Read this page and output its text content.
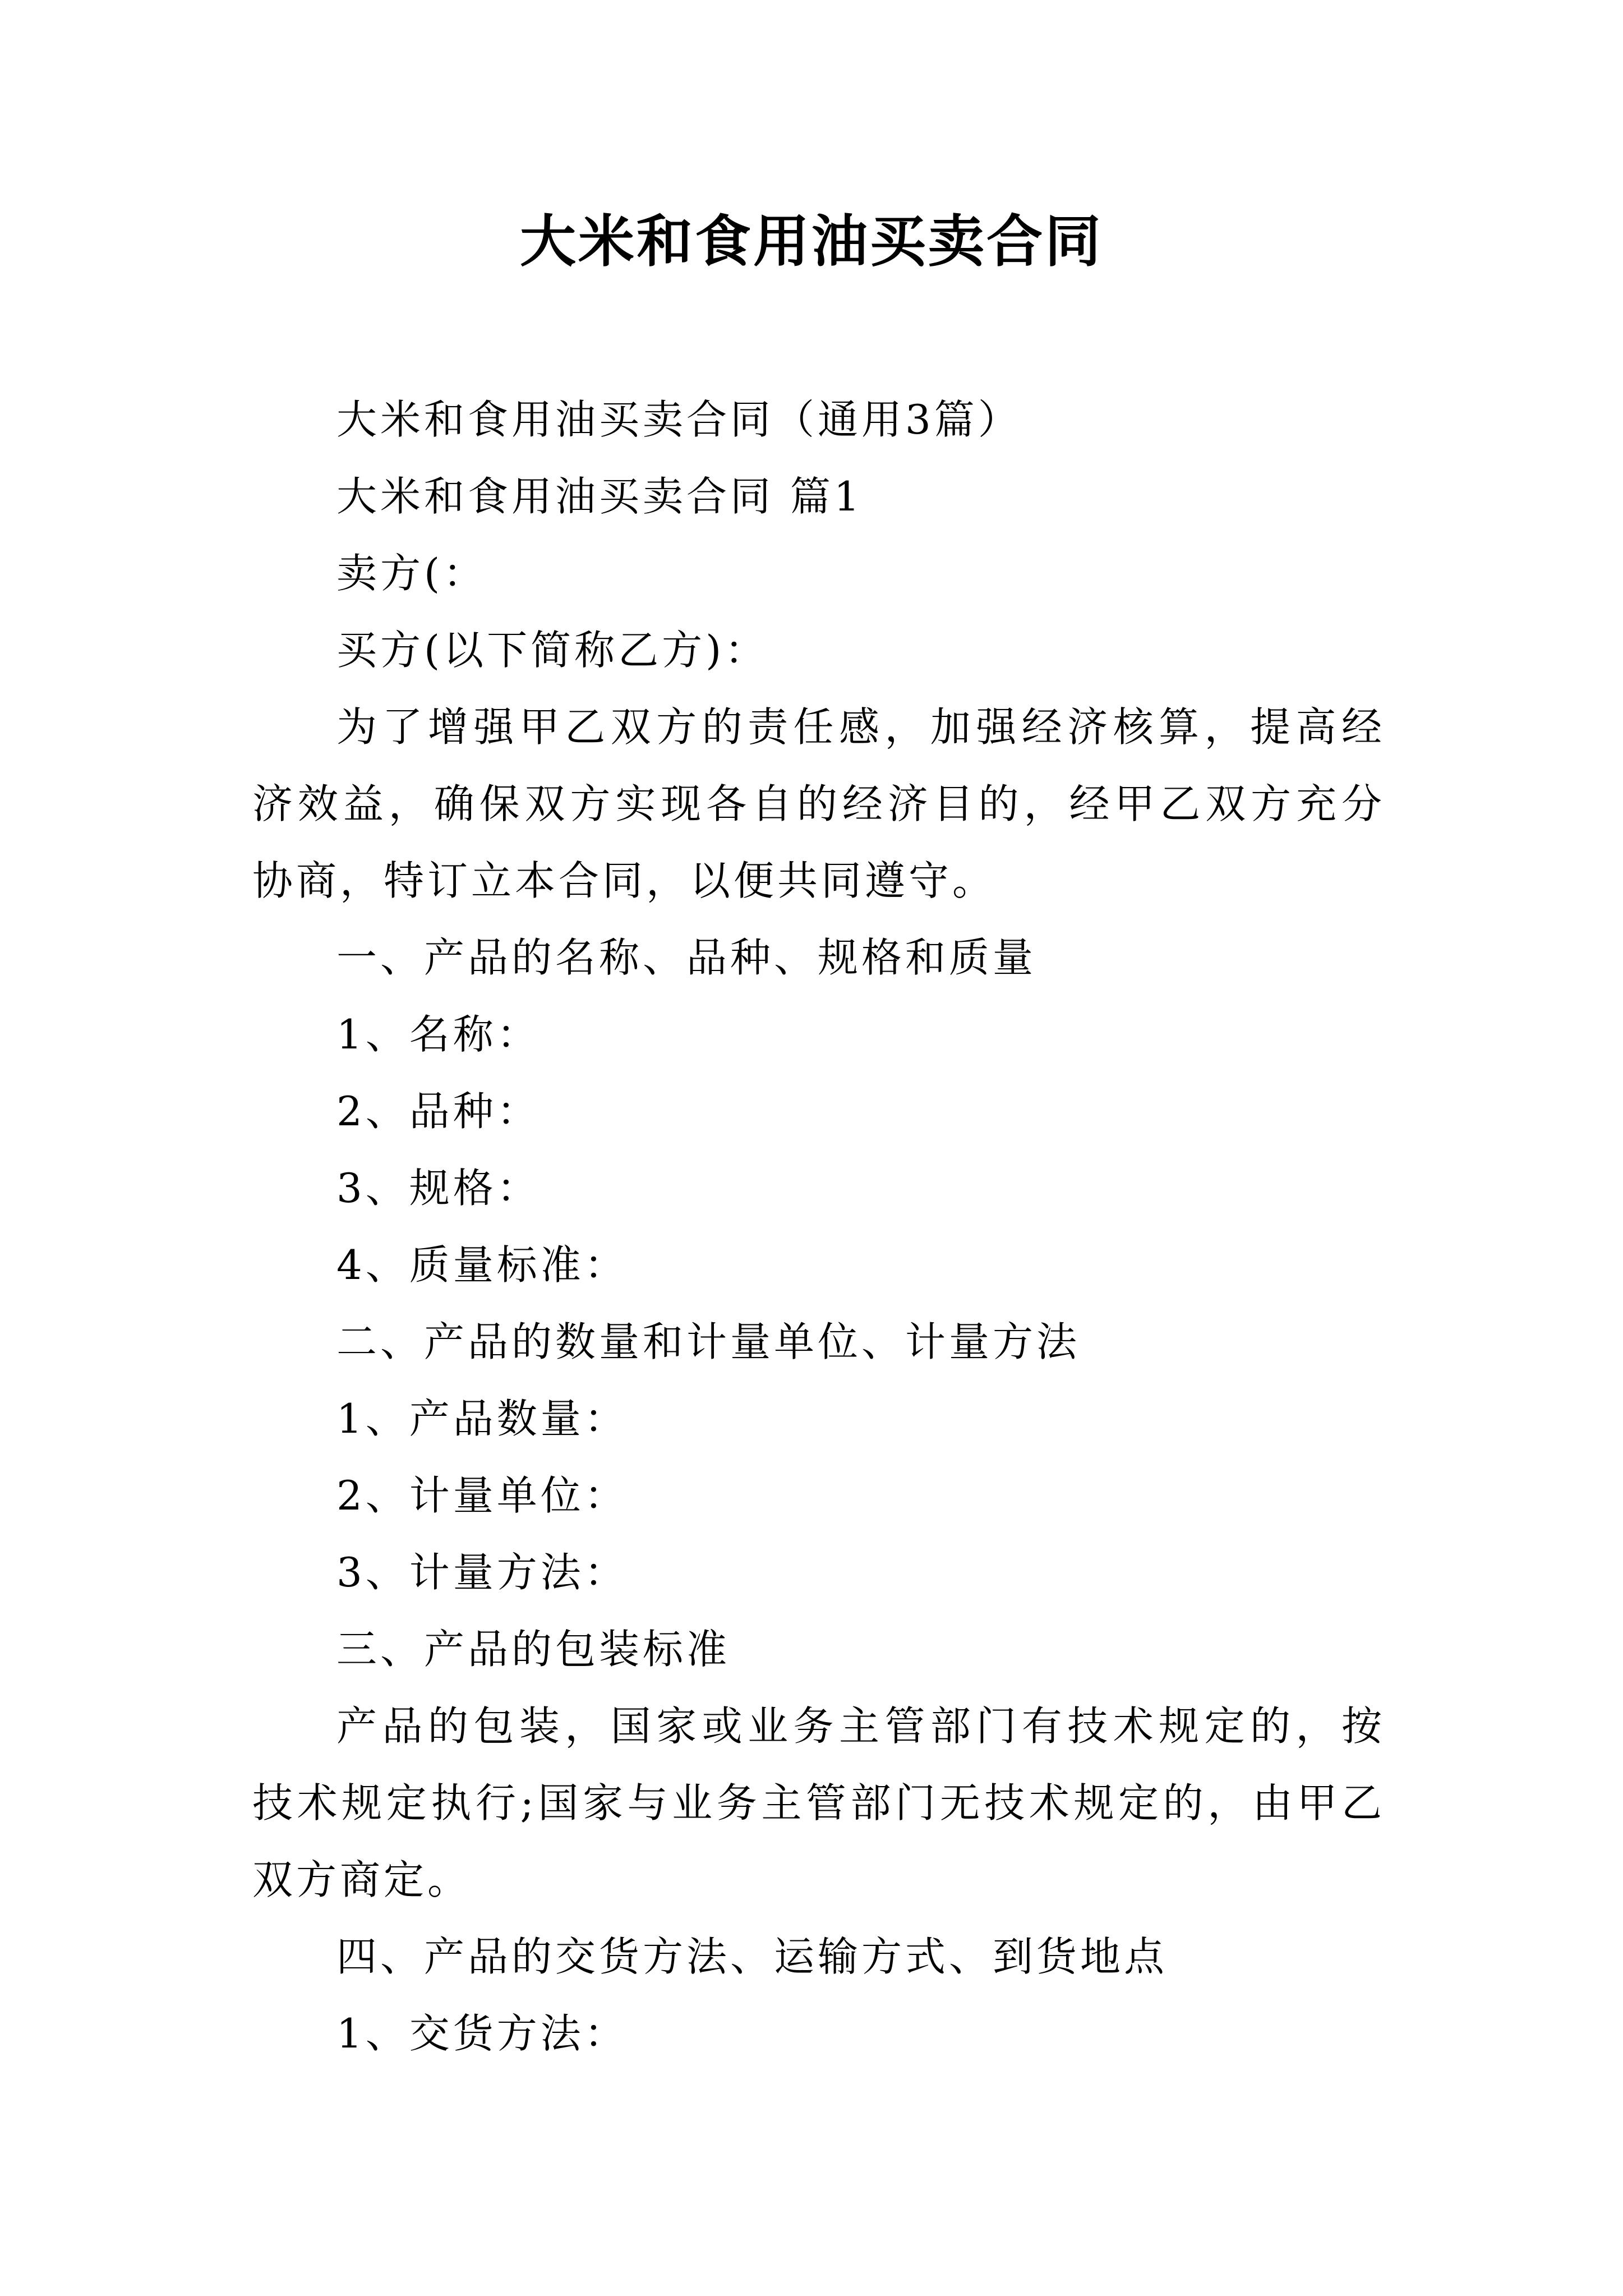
大米和食用油买卖合同

大米和食用油买卖合同（通用3篇）

大米和食用油买卖合同 篇1

卖方(：

买方(以下简称乙方)：

为了增强甲乙双方的责任感，加强经济核算，提高经济效益，确保双方实现各自的经济目的，经甲乙双方充分协商，特订立本合同，以便共同遵守。

一、产品的名称、品种、规格和质量

1、名称：

2、品种：

3、规格：

4、质量标准：

二、产品的数量和计量单位、计量方法

1、产品数量：

2、计量单位：

3、计量方法：

三、产品的包装标准

产品的包装，国家或业务主管部门有技术规定的，按技术规定执行;国家与业务主管部门无技术规定的，由甲乙双方商定。

四、产品的交货方法、运输方式、到货地点

1、交货方法：
